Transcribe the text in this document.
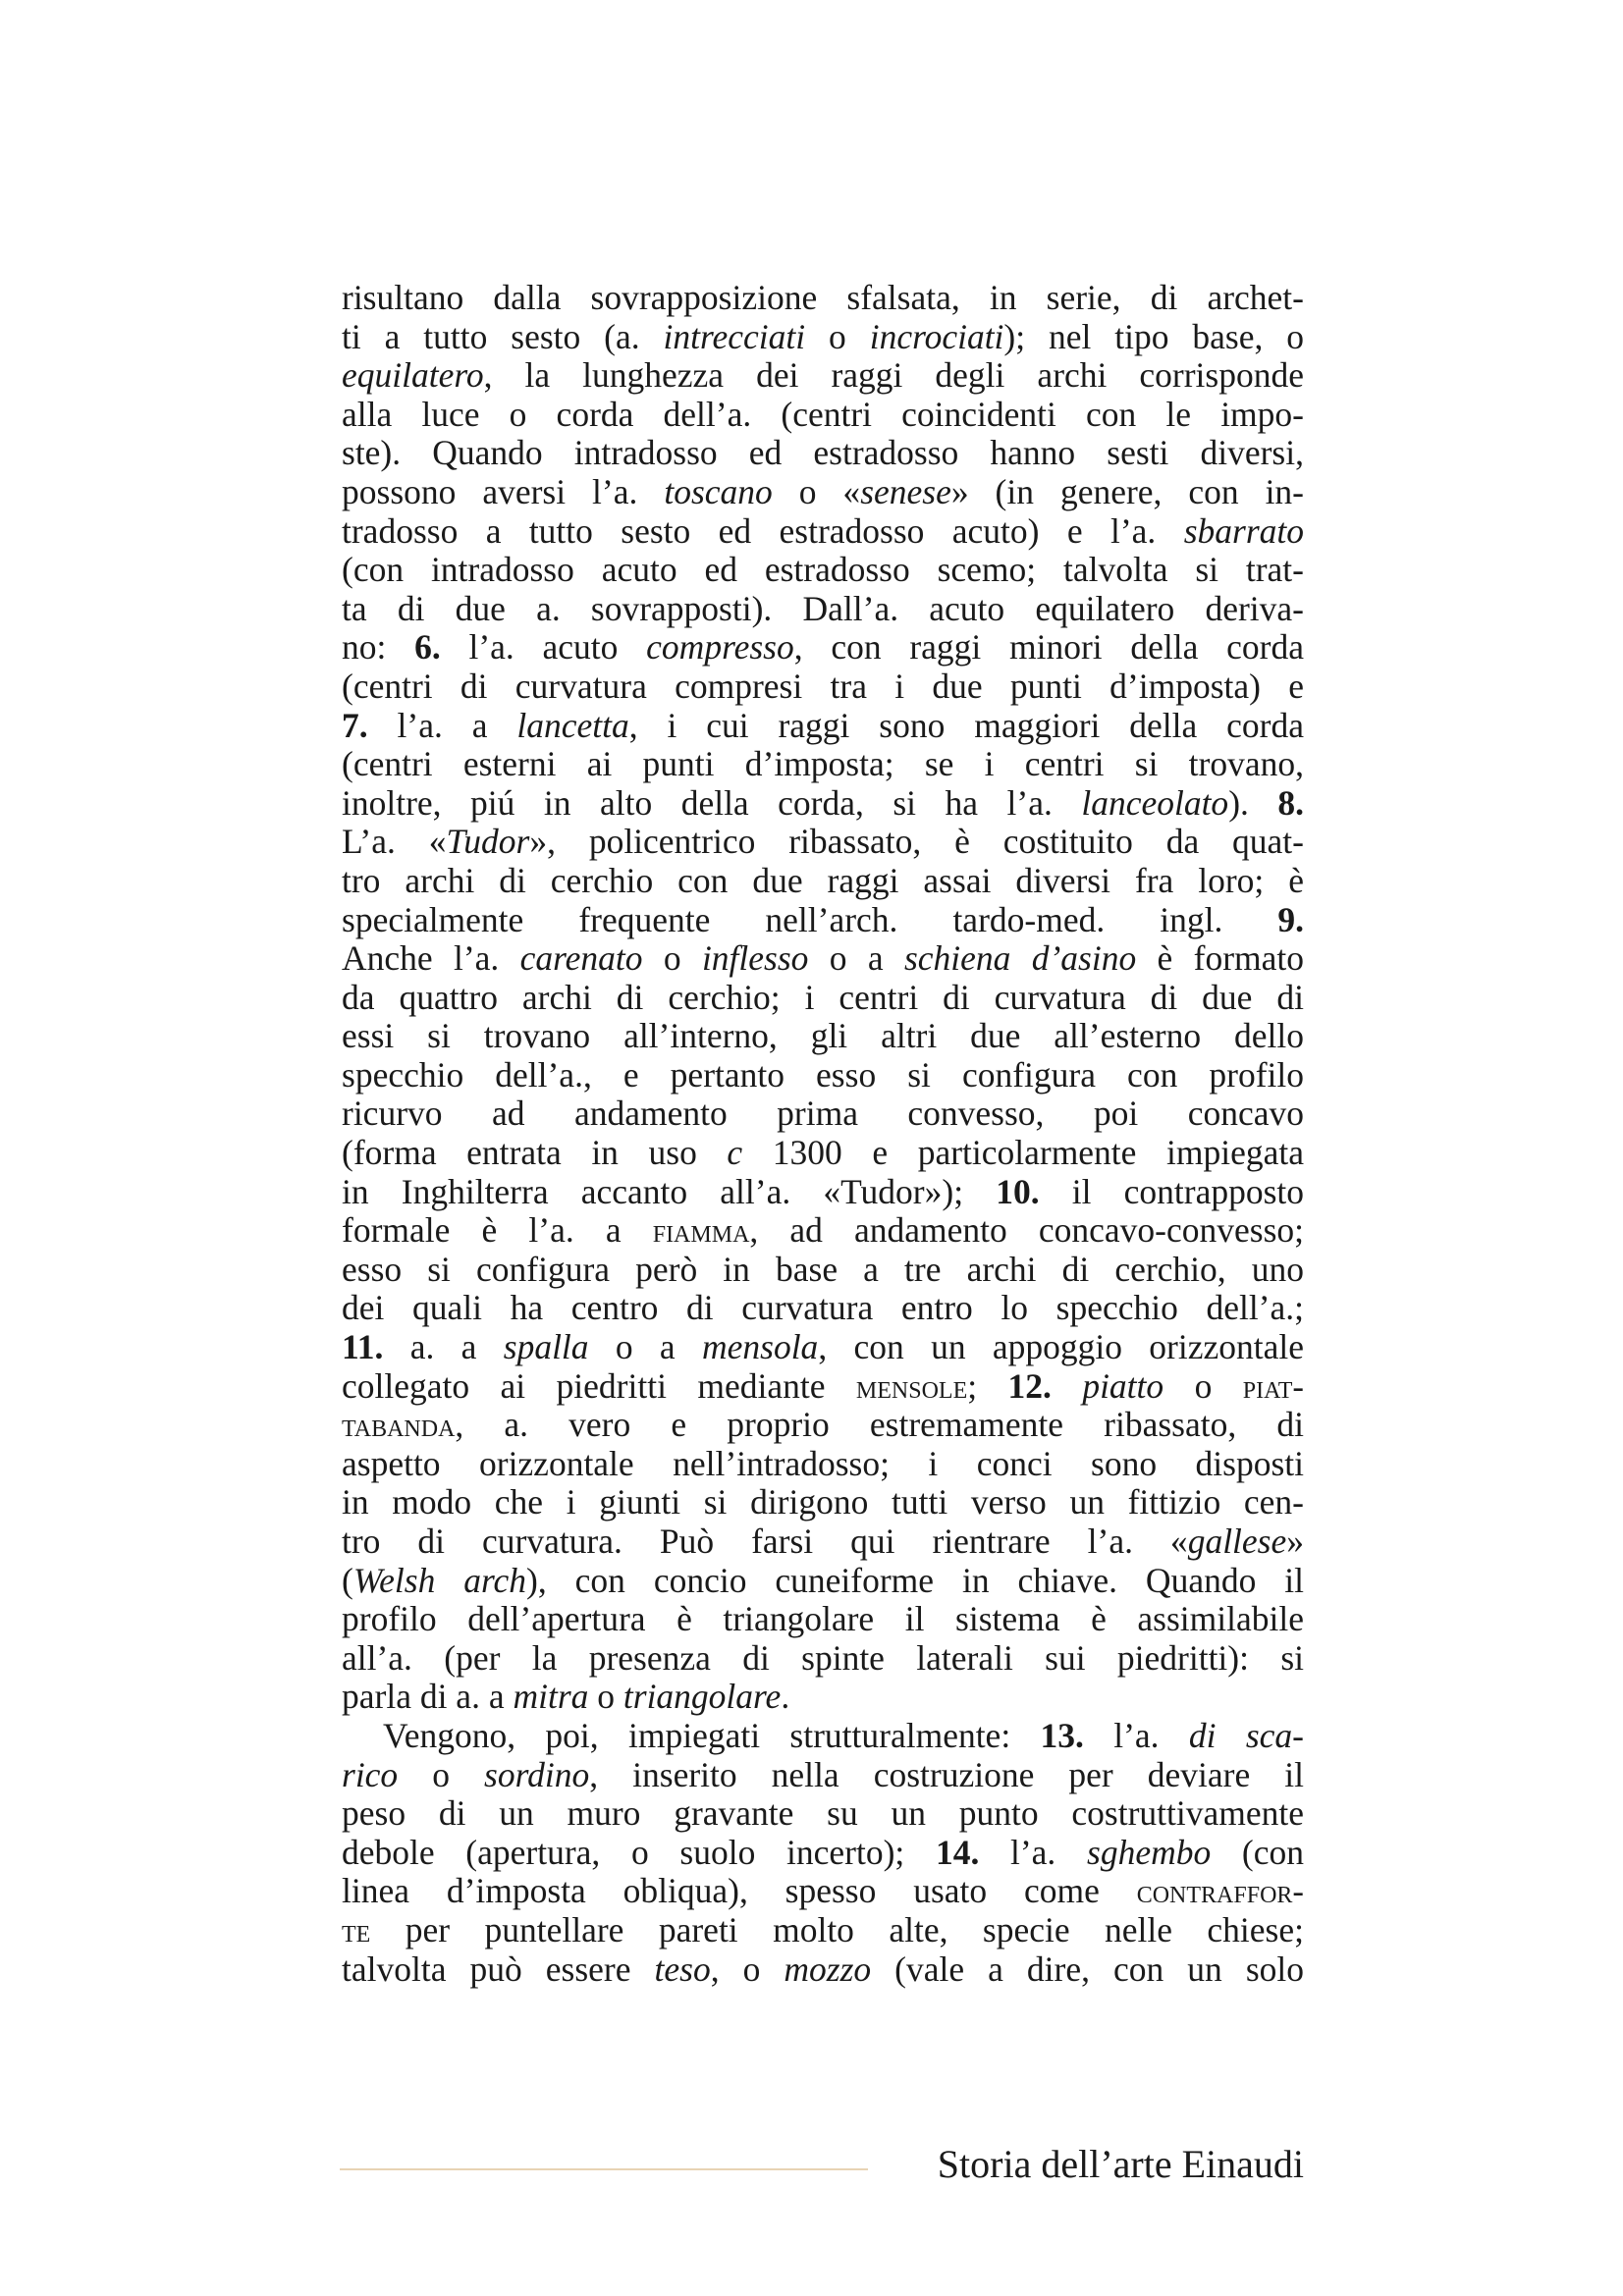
risultano dalla sovrapposizione sfalsata, in serie, di archet-

ti a tutto sesto (a. intrecciati o incrociati); nel tipo base, o

equilatero, la lunghezza dei raggi degli archi corrisponde

alla luce o corda dell’a. (centri coincidenti con le impo-

ste). Quando intradosso ed estradosso hanno sesti diversi,

possono aversi l’a. toscano o «senese» (in genere, con in-

tradosso a tutto sesto ed estradosso acuto) e l’a. sbarrato

(con intradosso acuto ed estradosso scemo; talvolta si trat-

ta di due a. sovrapposti). Dall’a. acuto equilatero deriva-

no: 6. l’a. acuto compresso, con raggi minori della corda

(centri di curvatura compresi tra i due punti d’imposta) e

7. l’a. a lancetta, i cui raggi sono maggiori della corda

(centri esterni ai punti d’imposta; se i centri si trovano,

inoltre, piú in alto della corda, si ha l’a. lanceolato). 8.

L’a. «Tudor», policentrico ribassato, è costituito da quat-

tro archi di cerchio con due raggi assai diversi fra loro; è

specialmente frequente nell’arch. tardo-med. ingl. 9.

Anche l’a. carenato o inflesso o a schiena d’asino è formato

da quattro archi di cerchio; i centri di curvatura di due di

essi si trovano all’interno, gli altri due all’esterno dello

specchio dell’a., e pertanto esso si configura con profilo

ricurvo ad andamento prima convesso, poi concavo

(forma entrata in uso c 1300 e particolarmente impiegata

in Inghilterra accanto all’a. «Tudor»); 10. il contrapposto

formale è l’a. a fiamma, ad andamento concavo-convesso;

esso si configura però in base a tre archi di cerchio, uno

dei quali ha centro di curvatura entro lo specchio dell’a.;

11. a. a spalla o a mensola, con un appoggio orizzontale

collegato ai piedritti mediante mensole; 12. piatto o piat-

tabanda, a. vero e proprio estremamente ribassato, di

aspetto orizzontale nell’intradosso; i conci sono disposti

in modo che i giunti si dirigono tutti verso un fittizio cen-

tro di curvatura. Può farsi qui rientrare l’a. «gallese»

(Welsh arch), con concio cuneiforme in chiave. Quando il

profilo dell’apertura è triangolare il sistema è assimilabile

all’a. (per la presenza di spinte laterali sui piedritti): si

parla di a. a mitra o triangolare.

Vengono, poi, impiegati strutturalmente: 13. l’a. di sca-

rico o sordino, inserito nella costruzione per deviare il

peso di un muro gravante su un punto costruttivamente

debole (apertura, o suolo incerto); 14. l’a. sghembo (con

linea d’imposta obliqua), spesso usato come contraffor-

te per puntellare pareti molto alte, specie nelle chiese;

talvolta può essere teso, o mozzo (vale a dire, con un solo

Storia dell’arte Einaudi
